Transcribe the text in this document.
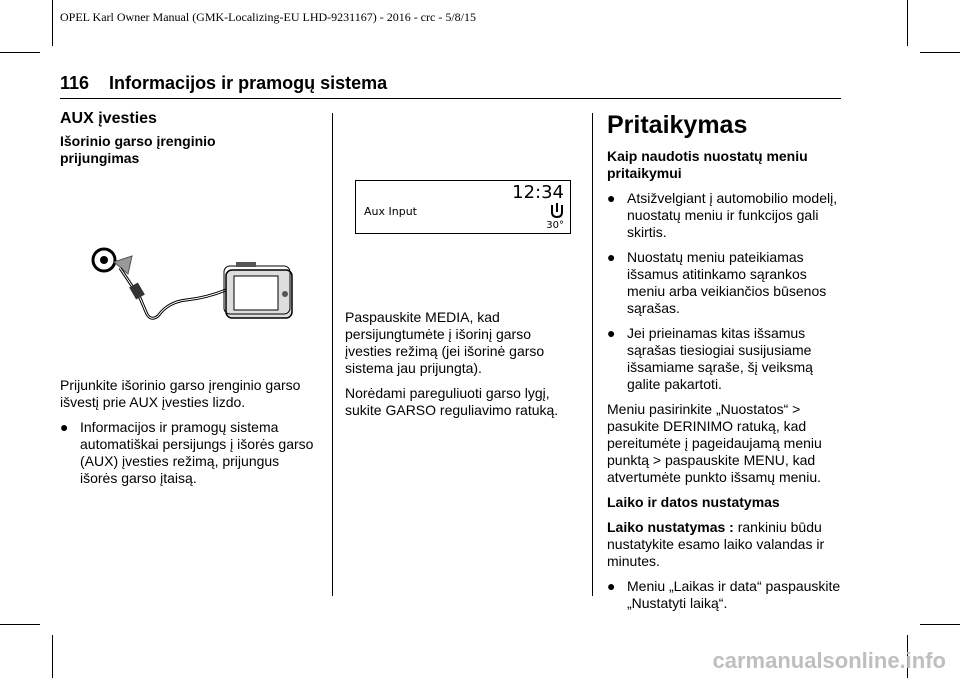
OPEL Karl Owner Manual (GMK-Localizing-EU LHD-9231167) - 2016 - crc - 5/8/15
116 Informacijos ir pramogų sistema
AUX įvesties
Išorinio garso įrenginio prijungimas

Prijunkite išorinio garso įrenginio garso išvestį prie AUX įvesties lizdo.

● Informacijos ir pramogų sistema automatiškai persijungs į išorės garso (AUX) įvesties režimą, prijungus išorės garso įtaisą.
12:34
Aux Input
30°

Paspauskite MEDIA, kad persijungtumėte į išorinį garso įvesties režimą (jei išorinė garso sistema jau prijungta).

Norėdami pareguliuoti garso lygį, sukite GARSO reguliavimo ratuką.

Pritaikymas
Kaip naudotis nuostatų meniu pritaikymui
● Atsižvelgiant į automobilio modelį, nuostatų meniu ir funkcijos gali skirtis.
● Nuostatų meniu pateikiamas išsamus atitinkamo sąrankos meniu arba veikiančios būsenos sąrašas.
● Jei prieinamas kitas išsamus sąrašas tiesiogiai susijusiame išsamiame sąraše, šį veiksmą galite pakartoti.

Meniu pasirinkite „Nuostatos“ > pasukite DERINIMO ratuką, kad pereitumėte į pageidaujamą meniu punktą > paspauskite MENU, kad atvertumėte punkto išsamų meniu.

Laiko ir datos nustatymas

Laiko nustatymas : rankiniu būdu nustatykite esamo laiko valandas ir minutes.

● Meniu „Laikas ir data“ paspauskite „Nustatyti laiką“.
carmanualsonline.info
